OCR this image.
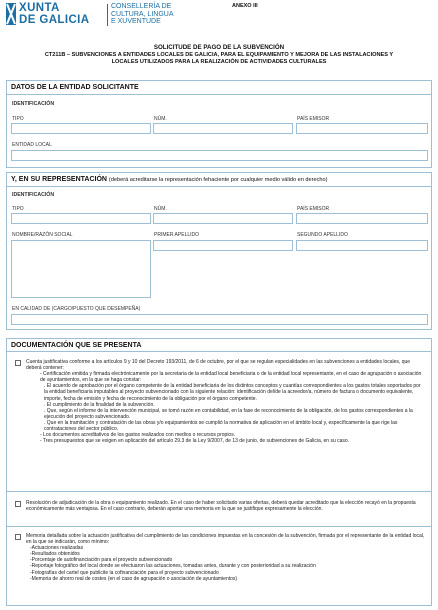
XUNTA
DE GALICIA
CONSELLERÍA DE
CULTURA, LINGUA
E XUVENTUDE
ANEXO III
SOLICITUDE DE PAGO DE LA SUBVENCIÓN
CT211B – SUBVENCIONES A ENTIDADES LOCALES DE GALICIA, PARA EL EQUIPAMIENTO Y MEJORA DE LAS INSTALACIONES Y LOCALES UTILIZADOS PARA LA REALIZACIÓN DE ACTIVIDADES CULTURALES
DATOS DE LA ENTIDAD SOLICITANTE
IDENTIFICACIÓN
TIPO	NÚM.	PAÍS EMISOR
ENTIDAD LOCAL
Y, EN SU REPRESENTACIÓN (deberá acreditarse la representación fehaciente por cualquier medio válido en derecho)
IDENTIFICACIÓN
TIPO	NÚM.	PAÍS EMISOR
NOMBRE/RAZÓN SOCIAL	PRIMER APELLIDO	SEGUNDO APELLIDO
EN CALIDAD DE (CARGO/PUESTO QUE DESEMPEÑA)
DOCUMENTACIÓN QUE SE PRESENTA
Cuenta justificativa conforme a los artículos 9 y 10 del Decreto 193/2011, de 6 de octubre, por el que se regulan especialidades en las subvenciones a entidades locales, que deberá contener:
- Certificación emitida y firmada electrónicamente por la secretaria de la entidad local beneficiaria o de la entidad local representante, en el caso de agrupación o asociación de ayuntamientos, en la que se haga constar:
. El acuerdo de aprobación por el órgano competente de la entidad beneficiaria de los distintos conceptos y cuantías correspondientes a los gastos totales soportados por la entidad beneficiaria imputables al proyecto subvencionado con la siguiente relación: identificación del/de la acreedor/a, número de factura o documento equivalente, importe, fecha de emisión y fecha de reconocimiento de la obligación por el órgano competente.
. El cumplimiento de la finalidad de la subvención.
. Que, según el informe de la intervención municipal, se tomó razón en contabilidad, en la fase de reconocimiento de la obligación, de los gastos correspondientes a la ejecución del proyecto subvencionado.
. Que en la tramitación y contratación de las obras y/o equipamientos se cumplió la normativa de aplicación en el ámbito local y, específicamente la que rige las contrataciones del sector público.
- Los documentos acreditativos de los gastos realizados con medios o recursos propios.
- Tres presupuestos que se exigen en aplicación del artículo 29.3 de la Ley 9/2007, de 13 de junio, de subvenciones de Galicia, en su caso.
Resolución de adjudicación de la obra o equipamiento realizado. En el caso de haber solicitado varias ofertas, deberá quedar acreditado que la elección recayó en la propuesta económicamente más ventajosa. En el caso contrario, deberán aportar una memoria en la que se justifique expresamente la elección.
Memoria detallada sobre la actuación justificativa del cumplimiento de las condiciones impuestas en la concesión de la subvención, firmada por el representante de la entidad local, en la que se indicarán, como mínimo:
-Actuaciones realizadas
-Resultados obtenidos
-Porcentaje de autofinanciación para el proyecto subvencionado
-Reportaje fotográfico del local donde se efectuaron las actuaciones, tomadas antes, durante y con posterioridad a su realización
-Fotografías del cartel que publicite la cofinanciación para el proyecto subvencionado
-Memoria de ahorro real de costes (en el caso de agrupación o asociación de ayuntamientos)
